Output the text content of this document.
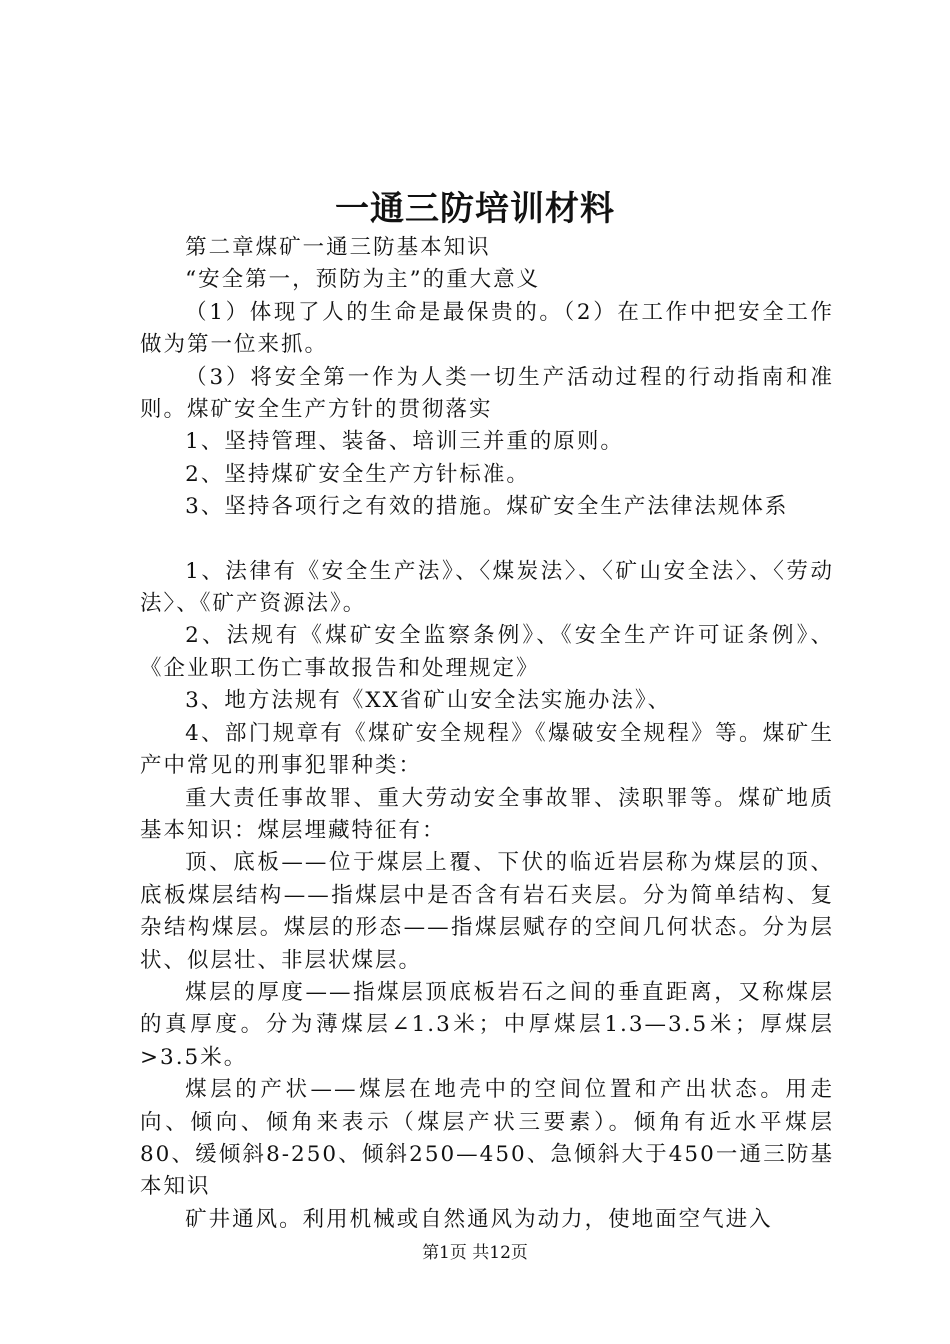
一通三防培训材料

第二章煤矿一通三防基本知识

“安全第一，预防为主”的重大意义

（1）体现了人的生命是最保贵的。（2）在工作中把安全工作做为第一位来抓。

（3）将安全第一作为人类一切生产活动过程的行动指南和准则。煤矿安全生产方针的贯彻落实

1、坚持管理、装备、培训三并重的原则。

2、坚持煤矿安全生产方针标准。

3、坚持各项行之有效的措施。煤矿安全生产法律法规体系

1、法律有《安全生产法》、〈煤炭法〉、〈矿山安全法〉、〈劳动法〉、《矿产资源法》。

2、法规有《煤矿安全监察条例》、《安全生产许可证条例》、《企业职工伤亡事故报告和处理规定》

3、地方法规有《XX省矿山安全法实施办法》、

4、部门规章有《煤矿安全规程》《爆破安全规程》等。煤矿生产中常见的刑事犯罪种类：

重大责任事故罪、重大劳动安全事故罪、渎职罪等。煤矿地质基本知识：煤层埋藏特征有：

顶、底板——位于煤层上覆、下伏的临近岩层称为煤层的顶、底板煤层结构——指煤层中是否含有岩石夹层。分为简单结构、复杂结构煤层。煤层的形态——指煤层赋存的空间几何状态。分为层状、似层壮、非层状煤层。

煤层的厚度——指煤层顶底板岩石之间的垂直距离，又称煤层的真厚度。分为薄煤层∠1.3米；中厚煤层1.3—3.5米；厚煤层>3.5米。

煤层的产状——煤层在地壳中的空间位置和产出状态。用走向、倾向、倾角来表示（煤层产状三要素）。倾角有近水平煤层80、缓倾斜8-250、倾斜250—450、急倾斜大于450一通三防基本知识

矿井通风。利用机械或自然通风为动力，使地面空气进入

第1页 共12页
